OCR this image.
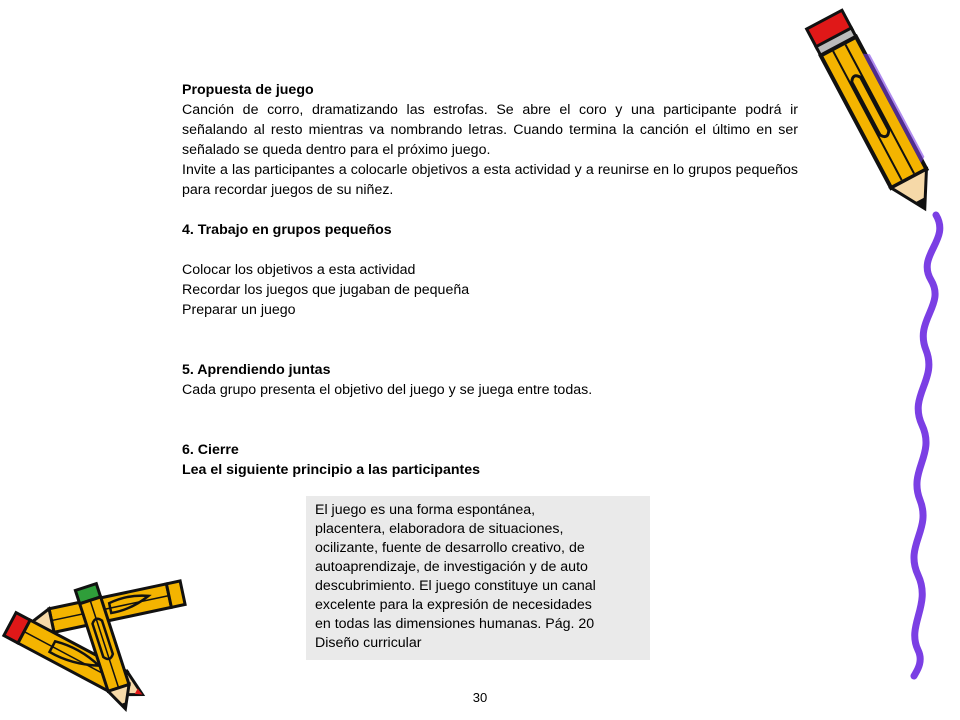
Propuesta de juego

Canción de corro, dramatizando las estrofas. Se abre el coro y una participante podrá ir señalando al resto mientras va nombrando letras. Cuando termina la canción el último en ser señalado se queda dentro para el próximo juego.

Invite a las participantes a colocarle objetivos a esta actividad y a reunirse en lo grupos pequeños para recordar juegos de su niñez.

4. Trabajo en grupos pequeños

Colocar los objetivos a esta actividad

Recordar los juegos que jugaban de pequeña

Preparar un juego

5. Aprendiendo juntas

Cada grupo presenta el objetivo del juego y se juega entre todas.

6. Cierre

Lea el siguiente principio a las participantes

El juego es una forma espontánea,

placentera, elaboradora de situaciones,

ocilizante, fuente de desarrollo creativo, de

autoaprendizaje, de investigación y de auto

descubrimiento. El juego constituye un canal

excelente para la expresión de necesidades

en todas las dimensiones humanas. Pág. 20

Diseño curricular

30
